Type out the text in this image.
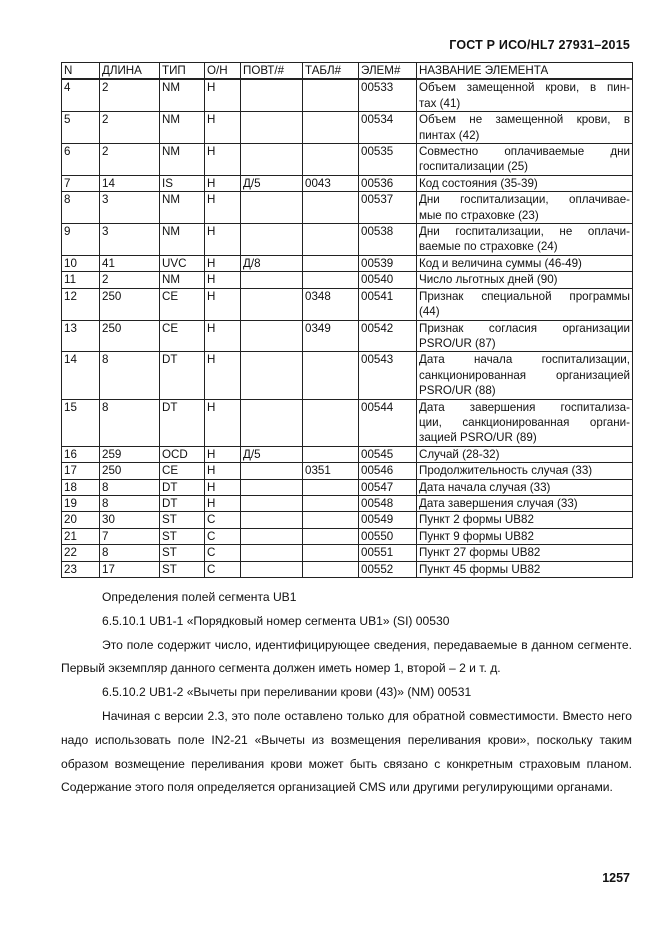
ГОСТ Р ИСО/HL7 27931–2015
N	ДЛИНА	ТИП	О/Н	ПОВТ/#	ТАБЛ#	ЭЛЕМ#	НАЗВАНИЕ ЭЛЕМЕНТА
4	2	NM	Н			00533	Объем замещенной крови, в пин-
тах (41)

5	2	NM	Н			00534	Объем не замещенной крови, в
пинтах (42)

6	2	NM	Н			00535	Совместно оплачиваемые дни
госпитализации (25)

7	14	IS	Н	Д/5	0043	00536	Код состояния (35-39)

8	3	NM	Н			00537	Дни госпитализации, оплачивае-
мые по страховке (23)

9	3	NM	Н			00538	Дни госпитализации, не оплачи-
ваемые по страховке (24)

10	41	UVC	Н	Д/8		00539	Код и величина суммы (46-49)

11	2	NM	Н			00540	Число льготных дней (90)

12	250	CE	Н		0348	00541	Признак специальной программы
(44)

13	250	CE	Н		0349	00542	Признак согласия организации
PSRO/UR (87)

14	8	DT	Н			00543	Дата начала госпитализации,
санкционированная организацией
PSRO/UR (88)

15	8	DT	Н			00544	Дата завершения госпитализа-
ции, санкционированная органи-
зацией PSRO/UR (89)

16	259	OCD	Н	Д/5		00545	Случай (28-32)

17	250	CE	Н		0351	00546	Продолжительность случая (33)

18	8	DT	Н			00547	Дата начала случая (33)

19	8	DT	Н			00548	Дата завершения случая (33)

20	30	ST	С			00549	Пункт 2 формы UB82

21	7	ST	С			00550	Пункт 9 формы UB82

22	8	ST	С			00551	Пункт 27 формы UB82

23	17	ST	С			00552	Пункт 45 формы UB82

Определения полей сегмента UB1

6.5.10.1 UB1-1 «Порядковый номер сегмента UB1» (SI) 00530

Это поле содержит число, идентифицирующее сведения, передаваемые в данном сегменте. Первый экземпляр данного сегмента должен иметь номер 1, второй – 2 и т. д.

6.5.10.2 UB1-2 «Вычеты при переливании крови (43)» (NM) 00531

Начиная с версии 2.3, это поле оставлено только для обратной совместимости. Вместо него надо использовать поле IN2-21 «Вычеты из возмещения переливания крови», поскольку таким образом возмещение переливания крови может быть связано с конкретным страховым планом. Содержание этого поля определяется организацией CMS или другими регулирующими органами.

1257
